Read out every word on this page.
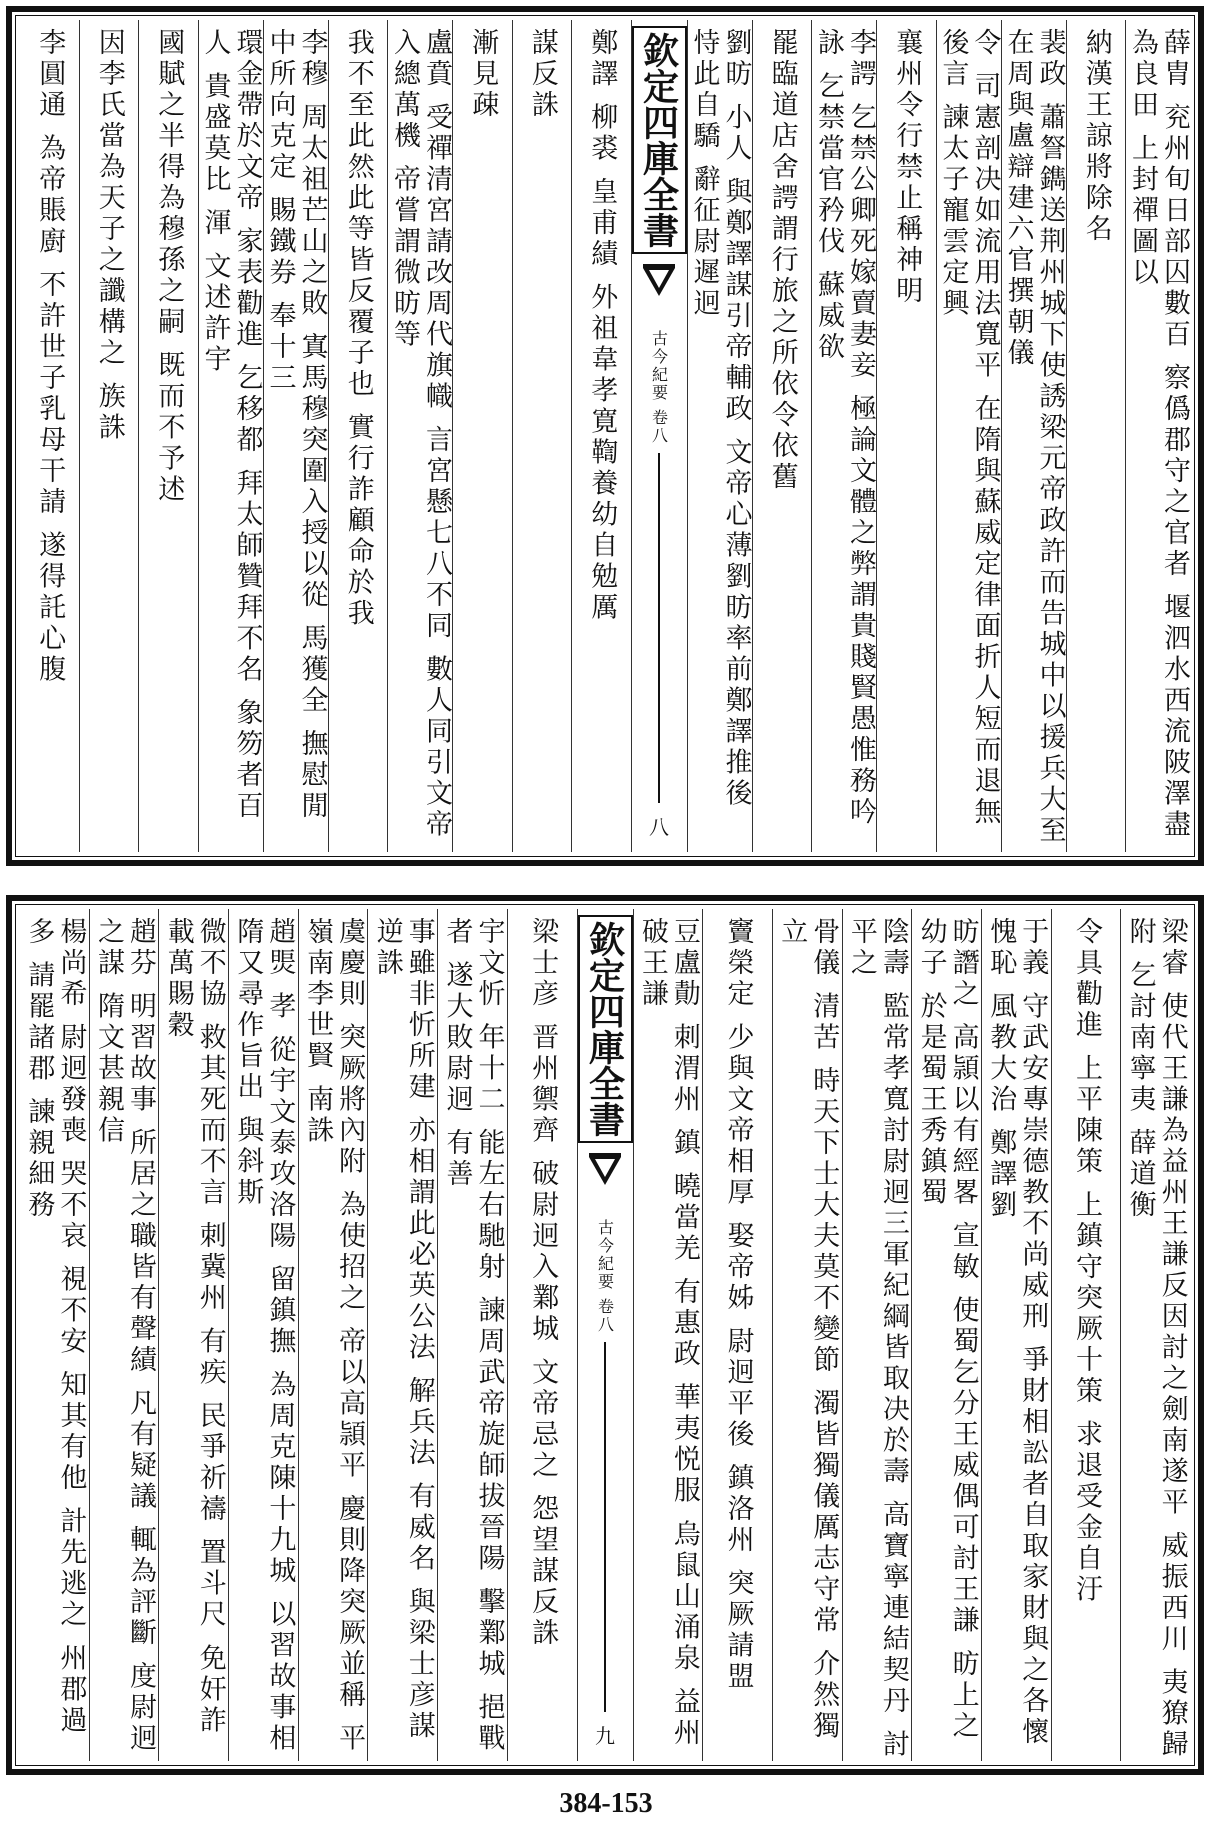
薛胄 兖州旬日部囚數百 察僞郡守之官者 堰泗水西流陂澤盡為良田 上封禪圖以
納漢王諒將除名
裴政 蕭詧鐫送荆州城下使誘梁元帝政許而告城中以援兵大至 在周與盧辯建六官撰朝儀
令 司憲剖决如流用法寬平 在隋與蘇威定律面折人短而退無後言 諫太子寵雲定興
襄州令行禁止稱神明
李諤 乞禁公卿死嫁賣妻妾 極論文體之弊謂貴賤賢愚惟務吟詠 乞禁當官矜伐 蘇威欲
罷臨道店舍諤謂行旅之所依令依舊
劉昉 小人 與鄭譯謀引帝輔政 文帝心薄劉昉率前鄭譯推後 恃此自驕 辭征尉遲迥
欽定四庫全書
古今紀要 卷八
八
鄭譯 柳裘 皇甫績 外祖韋孝寛鞫養幼自勉厲
謀反誅
漸見疎
盧賁 受禪清宮請改周代旗幟 言宮懸七八不同 數人同引文帝入總萬機 帝嘗謂微昉等
我不至此然此等皆反覆子也 實行詐顧命於我
李穆 周太祖芒山之敗 寘馬穆突圍入授以從 馬獲全 撫慰閒中所向克定 賜鐵券 奉十三
環金帶於文帝 家表勸進 乞移都 拜太師贊拜不名 象笏者百人 貴盛莫比 渾 文述許宇
國賦之半得為穆孫之嗣 既而不予述
因李氏當為天子之讖構之 族誅
李圓通 為帝賬廚 不許世子乳母干請 遂得託心腹
梁睿 使代王謙為益州王謙反因討之劍南遂平 威振西川 夷獠歸附 乞討南寧夷 薛道衡
令具勸進 上平陳策 上鎮守突厥十策 求退受金自汙
于義 守武安專崇德教不尚威刑 爭財相訟者自取家財與之各懷愧恥 風教大治 鄭譯劉
昉譖之 高頴以有經畧 宣敏 使蜀乞分王威偶可討王謙 昉上之 幼子 於是蜀王秀鎮蜀
陰壽 監常孝寬討尉迥三軍紀綱皆取决於壽 高寶寧連結契丹 討平之
骨儀 清苦 時天下士大夫莫不變節 濁皆獨儀厲志守常 介然獨立
竇榮定 少與文帝相厚 娶帝姊 尉迥平後 鎮洛州 突厥請盟
豆盧勣 刺渭州 鎮 曉當羌 有惠政 華夷悦服 烏鼠山涌泉 益州破王謙
欽定四庫全書
古今紀要 卷八
九
梁士彦 晋州禦齊 破尉迥入鄴城 文帝忌之 怨望謀反誅
宇文忻 年十二 能左右馳射 諫周武帝旋師拔晉陽 擊鄴城 挹戰者 遂大敗尉迥 有善
事雖非忻所建 亦相謂此必英公法 解兵法 有威名 與梁士彦謀逆誅
虞慶則 突厥將內附 為使招之 帝以高頴平 慶則降突厥並稱 平嶺南李世賢 南誅
趙煚 孝 從宇文泰攻洛陽 留鎮撫 為周克陳十九城 以習故事相 隋又尋作旨出 與斜斯
微不協 救其死而不言 刺冀州 有疾 民爭祈禱 置斗尺 免奸詐 載萬賜穀
趙芬 明習故事 所居之職皆有聲績 凡有疑議 輒為評斷 度尉迥之謀 隋文甚親信
楊尚希 尉迥發喪 哭不哀 視不安 知其有他 計先逃之 州郡過多 請罷諸郡 諫親細務
384-153
